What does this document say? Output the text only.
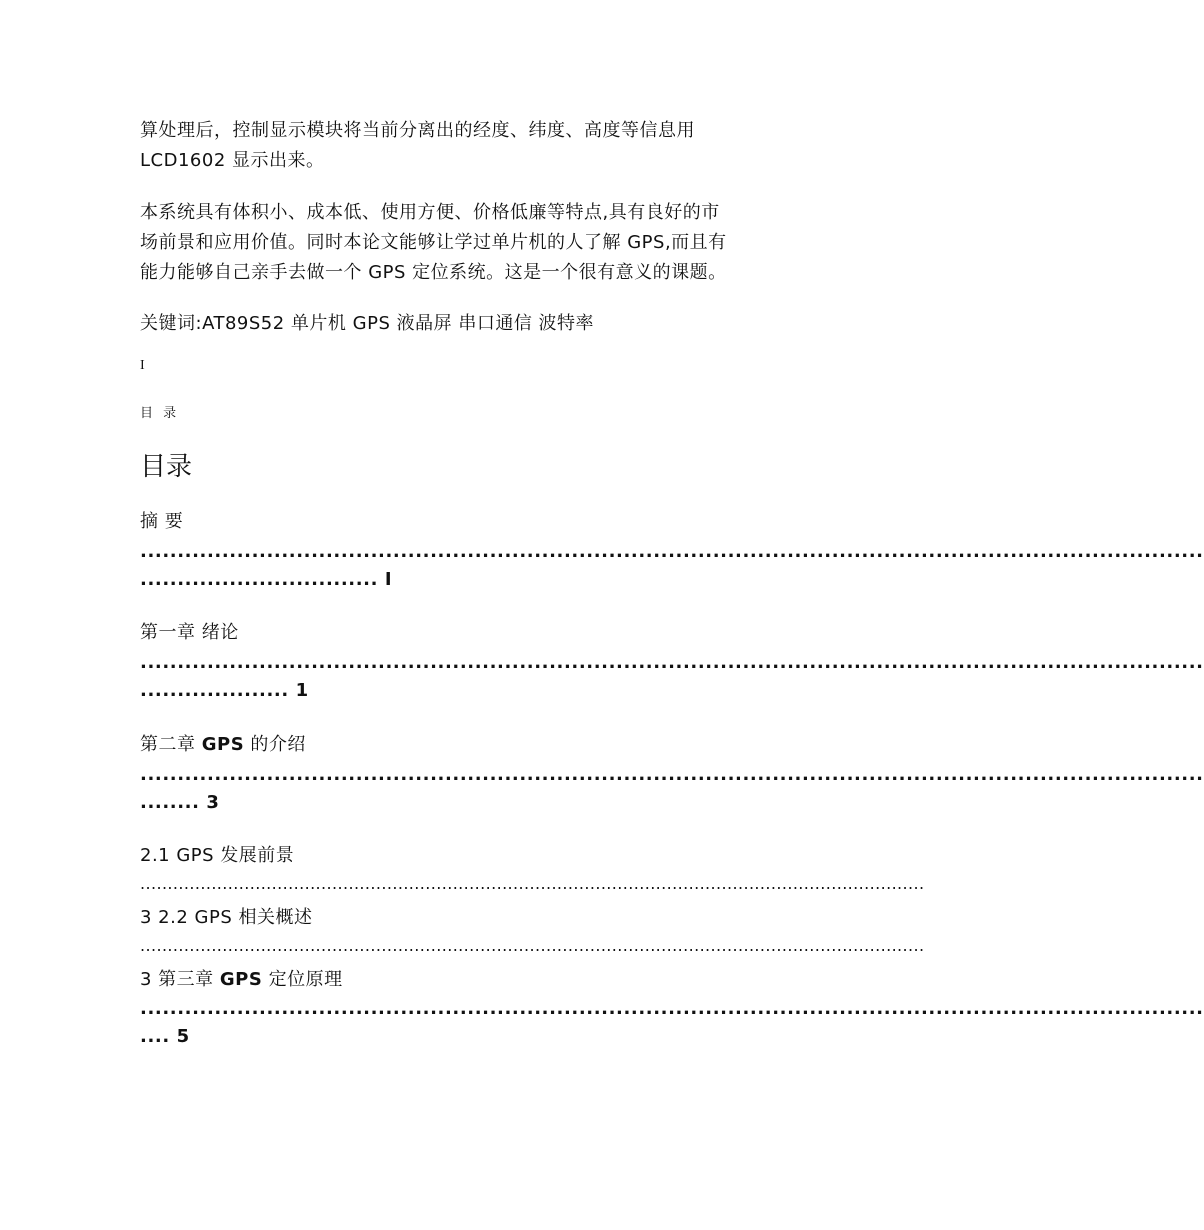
算处理后，控制显示模块将当前分离出的经度、纬度、高度等信息用
LCD1602 显示出来。
本系统具有体积小、成本低、使用方便、价格低廉等特点,具有良好的市
场前景和应用价值。同时本论文能够让学过单片机的人了解 GPS,而且有
能力能够自己亲手去做一个 GPS 定位系统。这是一个很有意义的课题。
关键词:AT89S52 单片机 GPS 液晶屏 串口通信 波特率
I
目 录
目录
摘 要
...............................................................................................................................................
................................ I
第一章 绪论
...............................................................................................................................................
.................... 1
第二章 GPS 的介绍
...............................................................................................................................................
........ 3
2.1 GPS 发展前景
...............................................................................................................................................
3 2.2 GPS 相关概述
...............................................................................................................................................
3 第三章 GPS 定位原理
...............................................................................................................................................
.... 5
